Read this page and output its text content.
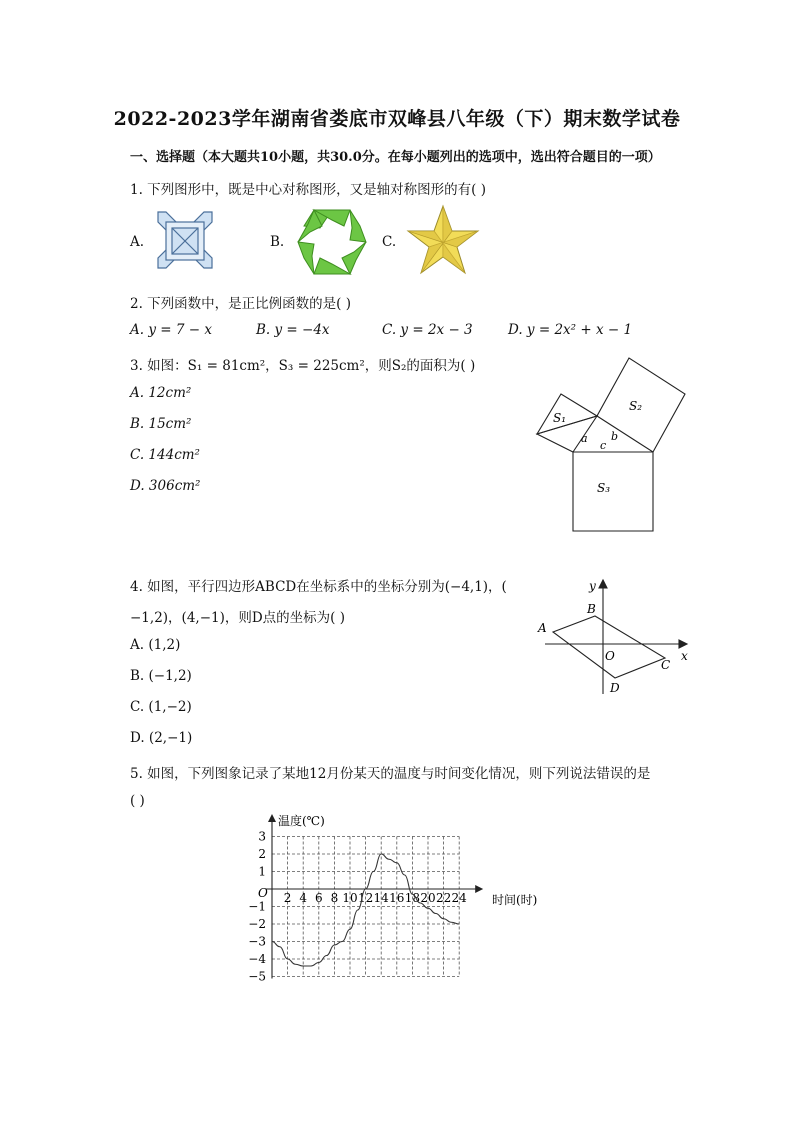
2022-2023学年湖南省娄底市双峰县八年级（下）期末数学试卷
一、选择题（本大题共10小题，共30.0分。在每小题列出的选项中，选出符合题目的一项）
1. 下列图形中，既是中心对称图形，又是轴对称图形的有( )
A.	B.	C.
2. 下列函数中，是正比例函数的是( )
A. y = 7 − x	B. y = −4x	C. y = 2x − 3	D. y = 2x² + x − 1
3. 如图：S₁ = 81cm²，S₃ = 225cm²，则S₂的面积为( )
A. 12cm²
B. 15cm²
C. 144cm²
D. 306cm²
S₁
S₂
S₃
a b
c
4. 如图，平行四边形ABCD在坐标系中的坐标分别为(−4,1)，(
−1,2)，(4,−1)，则D点的坐标为( )
A. (1,2)
B. (−1,2)
C. (1,−2)
D. (2,−1)
A
B
C
D
O	x
y
5. 如图，下列图象记录了某地12月份某天的温度与时间变化情况，则下列说法错误的是
( )
2 4 6 8 10 12 14 16 18 20 22 24
3
2
1
−1
−2
−3
−4
−5
温度(℃)
时间(时)
O
